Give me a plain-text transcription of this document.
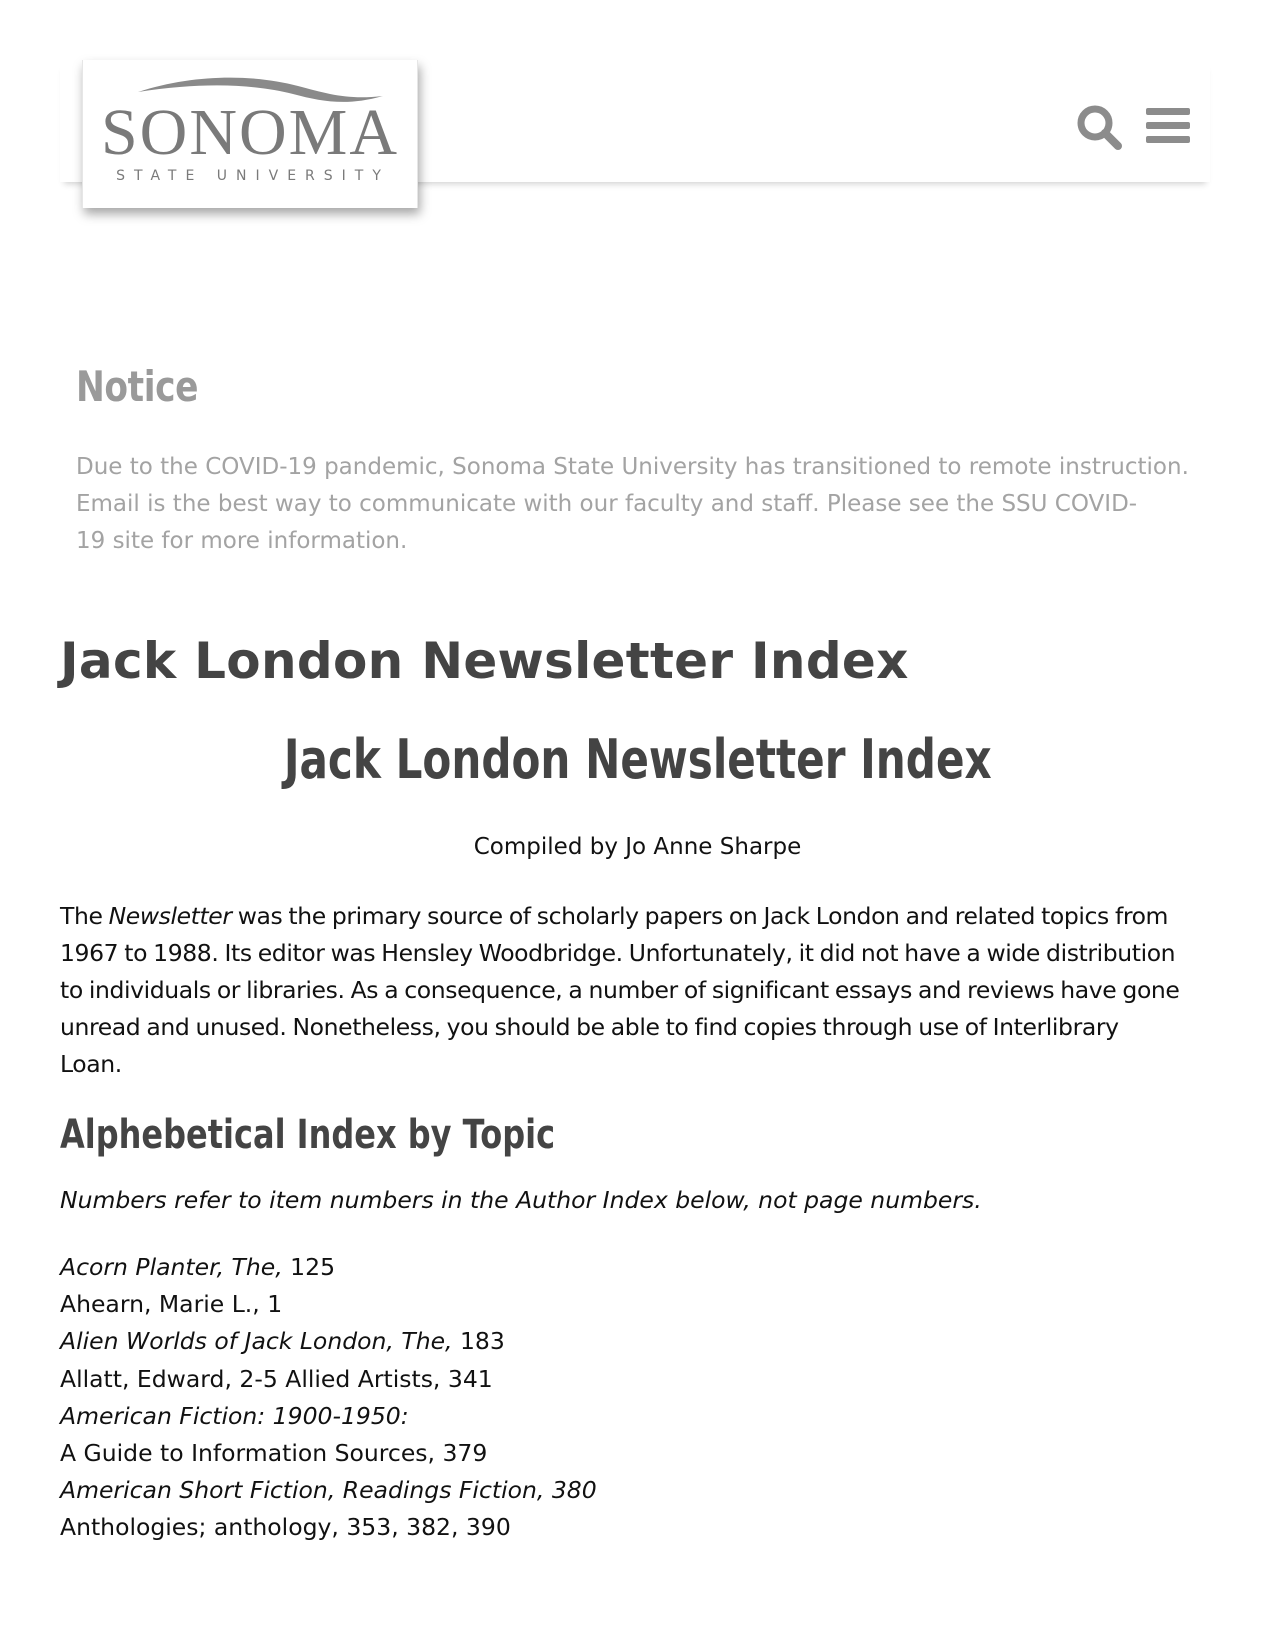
SONOMA
STATE UNIVERSITY
Notice

Due to the COVID-19 pandemic, Sonoma State University has transitioned to remote instruction.
Email is the best way to communicate with our faculty and staff. Please see the SSU COVID-
19 site for more information.

Jack London Newsletter Index
Jack London Newsletter Index
Compiled by Jo Anne Sharpe

The Newsletter was the primary source of scholarly papers on Jack London and related topics from
1967 to 1988. Its editor was Hensley Woodbridge. Unfortunately, it did not have a wide distribution
to individuals or libraries. As a consequence, a number of significant essays and reviews have gone
unread and unused. Nonetheless, you should be able to find copies through use of Interlibrary
Loan.

Alphebetical Index by Topic

Numbers refer to item numbers in the Author Index below, not page numbers.

Acorn Planter, The, 125
Ahearn, Marie L., 1
Alien Worlds of Jack London, The, 183
Allatt, Edward, 2-5 Allied Artists, 341
American Fiction: 1900-1950:
A Guide to Information Sources, 379
American Short Fiction, Readings Fiction, 380
Anthologies; anthology, 353, 382, 390
